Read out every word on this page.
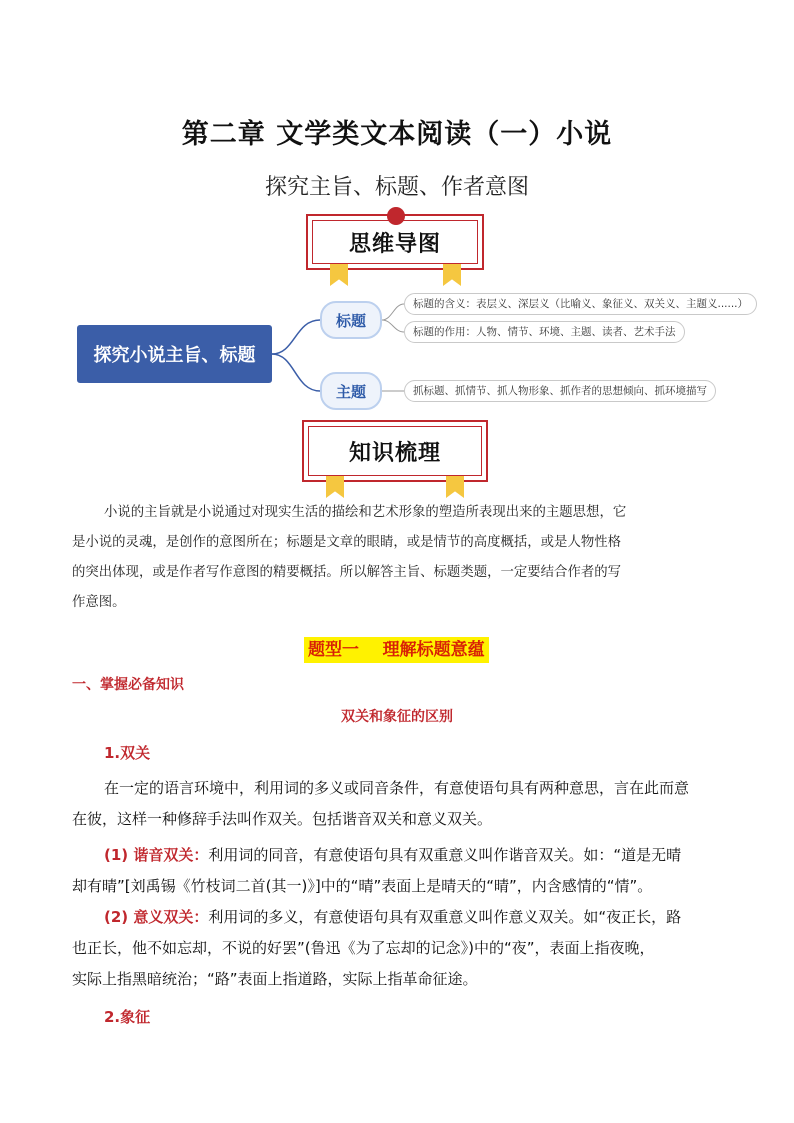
第二章 文学类文本阅读（一）小说
探究主旨、标题、作者意图
思维导图
探究小说主旨、标题
标题
标题的含义：表层义、深层义（比喻义、象征义、双关义、主题义......）
标题的作用：人物、情节、环境、主题、读者、艺术手法
主题	抓标题、抓情节、抓人物形象、抓作者的思想倾向、抓环境描写
知识梳理
小说的主旨就是小说通过对现实生活的描绘和艺术形象的塑造所表现出来的主题思想，它
是小说的灵魂，是创作的意图所在；标题是文章的眼睛，或是情节的高度概括，或是人物性格
的突出体现，或是作者写作意图的精要概括。所以解答主旨、标题类题，一定要结合作者的写
作意图。
题型一    理解标题意蕴
一、掌握必备知识
双关和象征的区别
1.双关
在一定的语言环境中，利用词的多义或同音条件，有意使语句具有两种意思，言在此而意
在彼，这样一种修辞手法叫作双关。包括谐音双关和意义双关。
(1) 谐音双关：利用词的同音，有意使语句具有双重意义叫作谐音双关。如：“道是无晴
却有晴”[刘禹锡《竹枝词二首(其一)》]中的“晴”表面上是晴天的“晴”，内含感情的“情”。
(2) 意义双关：利用词的多义，有意使语句具有双重意义叫作意义双关。如“夜正长，路
也正长，他不如忘却，不说的好罢”(鲁迅《为了忘却的记念》)中的“夜”，表面上指夜晚，
实际上指黑暗统治；“路”表面上指道路，实际上指革命征途。
2.象征
